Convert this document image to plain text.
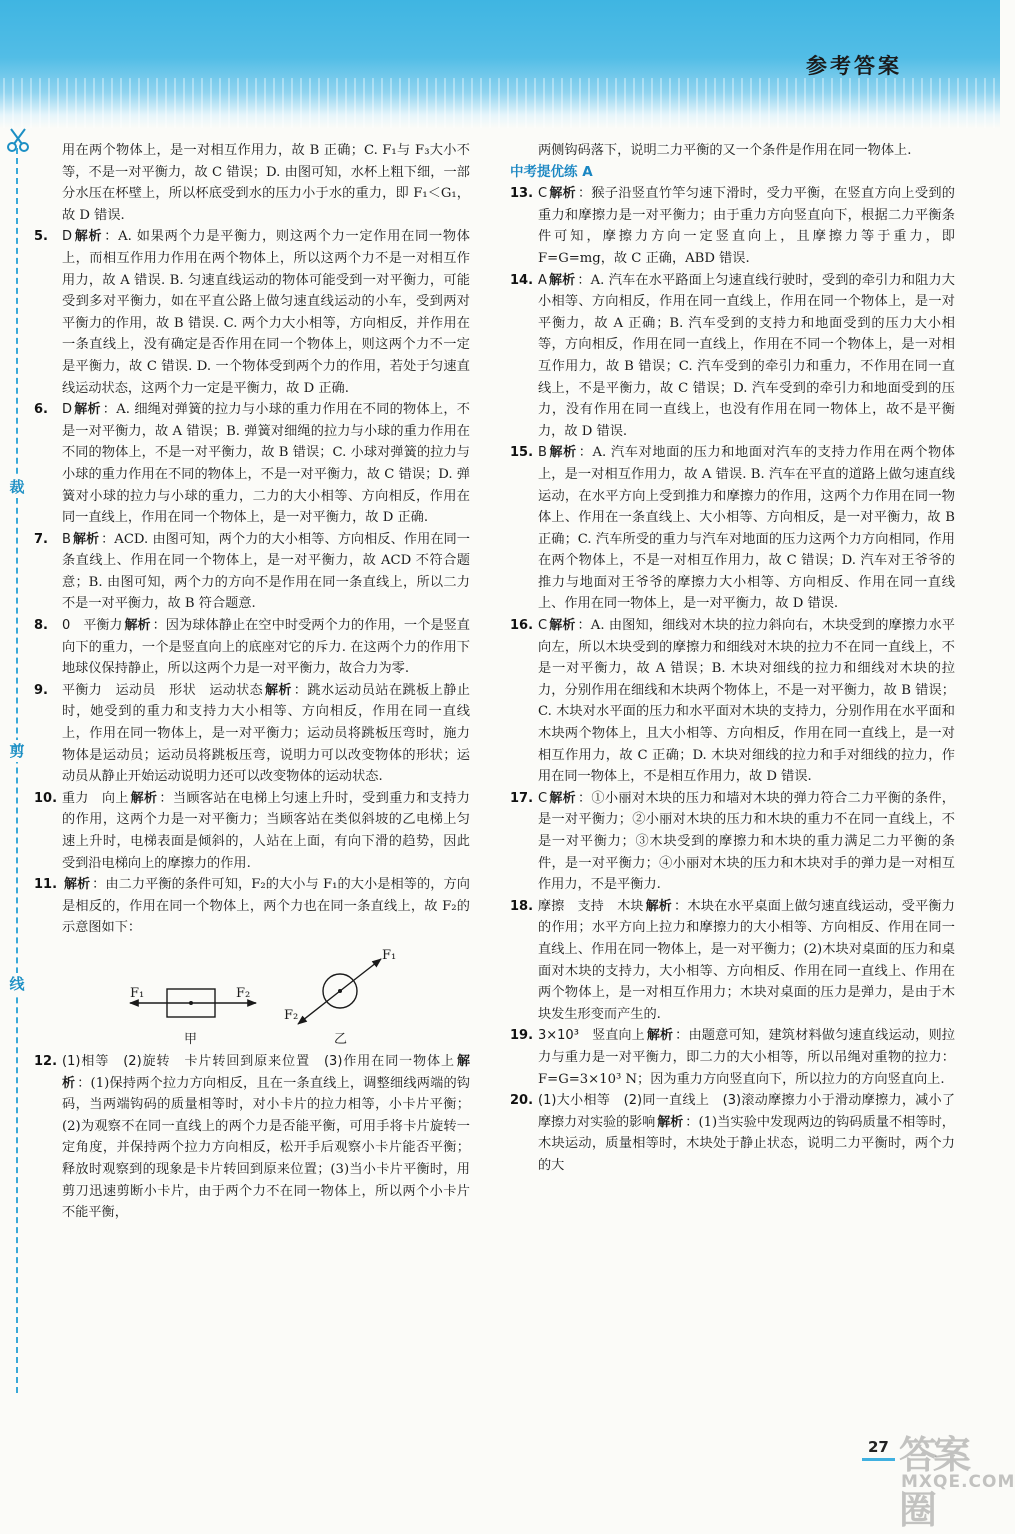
参考答案
裁
剪
线
用在两个物体上，是一对相互作用力，故 B 正确；C. F₁与 F₃大小不等，不是一对平衡力，故 C 错误；D. 由图可知，水杯上粗下细，一部分水压在杯壁上，所以杯底受到水的压力小于水的重力，即 F₁＜G₁，故 D 错误.
5.	D 解析 ：A. 如果两个力是平衡力，则这两个力一定作用在同一物体上，而相互作用力作用在两个物体上，所以这两个力不是一对相互作用力，故 A 错误. B. 匀速直线运动的物体可能受到一对平衡力，可能受到多对平衡力，如在平直公路上做匀速直线运动的小车，受到两对平衡力的作用，故 B 错误. C. 两个力大小相等，方向相反，并作用在一条直线上，没有确定是否作用在同一个物体上，则这两个力不一定是平衡力，故 C 错误. D. 一个物体受到两个力的作用，若处于匀速直线运动状态，这两个力一定是平衡力，故 D 正确.
6.	D 解析 ：A. 细绳对弹簧的拉力与小球的重力作用在不同的物体上，不是一对平衡力，故 A 错误；B. 弹簧对细绳的拉力与小球的重力作用在不同的物体上，不是一对平衡力，故 B 错误；C. 小球对弹簧的拉力与小球的重力作用在不同的物体上，不是一对平衡力，故 C 错误；D. 弹簧对小球的拉力与小球的重力，二力的大小相等、方向相反，作用在同一直线上，作用在同一个物体上，是一对平衡力，故 D 正确.
7.	B 解析 ：ACD. 由图可知，两个力的大小相等、方向相反、作用在同一条直线上、作用在同一个物体上，是一对平衡力，故 ACD 不符合题意；B. 由图可知，两个力的方向不是作用在同一条直线上，所以二力不是一对平衡力，故 B 符合题意.
8.	0　平衡力 解析 ：因为球体静止在空中时受两个力的作用，一个是竖直向下的重力，一个是竖直向上的底座对它的斥力. 在这两个力的作用下地球仪保持静止，所以这两个力是一对平衡力，故合力为零.
9.	平衡力　运动员　形状　运动状态 解析 ：跳水运动员站在跳板上静止时，她受到的重力和支持力大小相等、方向相反，作用在同一直线上，作用在同一物体上，是一对平衡力；运动员将跳板压弯时，施力物体是运动员；运动员将跳板压弯，说明力可以改变物体的形状；运动员从静止开始运动说明力还可以改变物体的运动状态.
10. 重力　向上 解析 ：当顾客站在电梯上匀速上升时，受到重力和支持力的作用，这两个力是一对平衡力；当顾客站在类似斜坡的乙电梯上匀速上升时，电梯表面是倾斜的，人站在上面，有向下滑的趋势，因此受到沿电梯向上的摩擦力的作用.
11. 解析 ：由二力平衡的条件可知，F₂的大小与 F₁的大小是相等的，方向是相反的，作用在同一个物体上，两个力也在同一条直线上，故 F₂的示意图如下：
F₁	F₂
F₁
F₂
甲	乙
12. (1)相等　(2)旋转　卡片转回到原来位置　(3)作用在同一物体上 解析 ：(1)保持两个拉力方向相反，且在一条直线上，调整细线两端的钩码，当两端钩码的质量相等时，对小卡片的拉力相等，小卡片平衡；(2)为观察不在同一直线上的两个力是否能平衡，可用手将卡片旋转一定角度，并保持两个拉力方向相反，松开手后观察小卡片能否平衡；释放时观察到的现象是卡片转回到原来位置；(3)当小卡片平衡时，用剪刀迅速剪断小卡片，由于两个力不在同一物体上，所以两个小卡片不能平衡，
两侧钩码落下，说明二力平衡的又一个条件是作用在同一物体上.
中考提优练 A
13. C 解析 ：猴子沿竖直竹竿匀速下滑时，受力平衡，在竖直方向上受到的重力和摩擦力是一对平衡力；由于重力方向竖直向下，根据二力平衡条件可知，摩擦力方向一定竖直向上，且摩擦力等于重力，即 F=G=mg，故 C 正确，ABD 错误.
14. A 解析 ：A. 汽车在水平路面上匀速直线行驶时，受到的牵引力和阻力大小相等、方向相反，作用在同一直线上，作用在同一个物体上，是一对平衡力，故 A 正确；B. 汽车受到的支持力和地面受到的压力大小相等，方向相反，作用在同一直线上，作用在不同一个物体上，是一对相互作用力，故 B 错误；C. 汽车受到的牵引力和重力，不作用在同一直线上，不是平衡力，故 C 错误；D. 汽车受到的牵引力和地面受到的压力，没有作用在同一直线上，也没有作用在同一物体上，故不是平衡力，故 D 错误.
15. B 解析 ：A. 汽车对地面的压力和地面对汽车的支持力作用在两个物体上，是一对相互作用力，故 A 错误. B. 汽车在平直的道路上做匀速直线运动，在水平方向上受到推力和摩擦力的作用，这两个力作用在同一物体上、作用在一条直线上、大小相等、方向相反，是一对平衡力，故 B 正确；C. 汽车所受的重力与汽车对地面的压力这两个力方向相同，作用在两个物体上，不是一对相互作用力，故 C 错误；D. 汽车对王爷爷的推力与地面对王爷爷的摩擦力大小相等、方向相反、作用在同一直线上、作用在同一物体上，是一对平衡力，故 D 错误.
16. C 解析 ：A. 由图知，细线对木块的拉力斜向右，木块受到的摩擦力水平向左，所以木块受到的摩擦力和细线对木块的拉力不在同一直线上，不是一对平衡力，故 A 错误；B. 木块对细线的拉力和细线对木块的拉力，分别作用在细线和木块两个物体上，不是一对平衡力，故 B 错误；C. 木块对水平面的压力和水平面对木块的支持力，分别作用在水平面和木块两个物体上，且大小相等、方向相反，作用在同一直线上，是一对相互作用力，故 C 正确；D. 木块对细线的拉力和手对细线的拉力，作用在同一物体上，不是相互作用力，故 D 错误.
17. C 解析 ：①小丽对木块的压力和墙对木块的弹力符合二力平衡的条件，是一对平衡力；②小丽对木块的压力和木块的重力不在同一直线上，不是一对平衡力；③木块受到的摩擦力和木块的重力满足二力平衡的条件，是一对平衡力；④小丽对木块的压力和木块对手的弹力是一对相互作用力，不是平衡力.
18. 摩擦　支持　木块 解析 ：木块在水平桌面上做匀速直线运动，受平衡力的作用；水平方向上拉力和摩擦力的大小相等、方向相反、作用在同一直线上、作用在同一物体上，是一对平衡力；(2)木块对桌面的压力和桌面对木块的支持力，大小相等、方向相反、作用在同一直线上、作用在两个物体上，是一对相互作用力；木块对桌面的压力是弹力，是由于木块发生形变而产生的.
19. 3×10³　竖直向上 解析 ：由题意可知，建筑材料做匀速直线运动，则拉力与重力是一对平衡力，即二力的大小相等，所以吊绳对重物的拉力：F=G=3×10³ N；因为重力方向竖直向下，所以拉力的方向竖直向上.
20. (1)大小相等　(2)同一直线上　(3)滚动摩擦力小于滑动摩擦力，减小了摩擦力对实验的影响 解析 ：(1)当实验中发现两边的钩码质量不相等时，木块运动，质量相等时，木块处于静止状态，说明二力平衡时，两个力的大
27 答案圈
MXQE.COM
